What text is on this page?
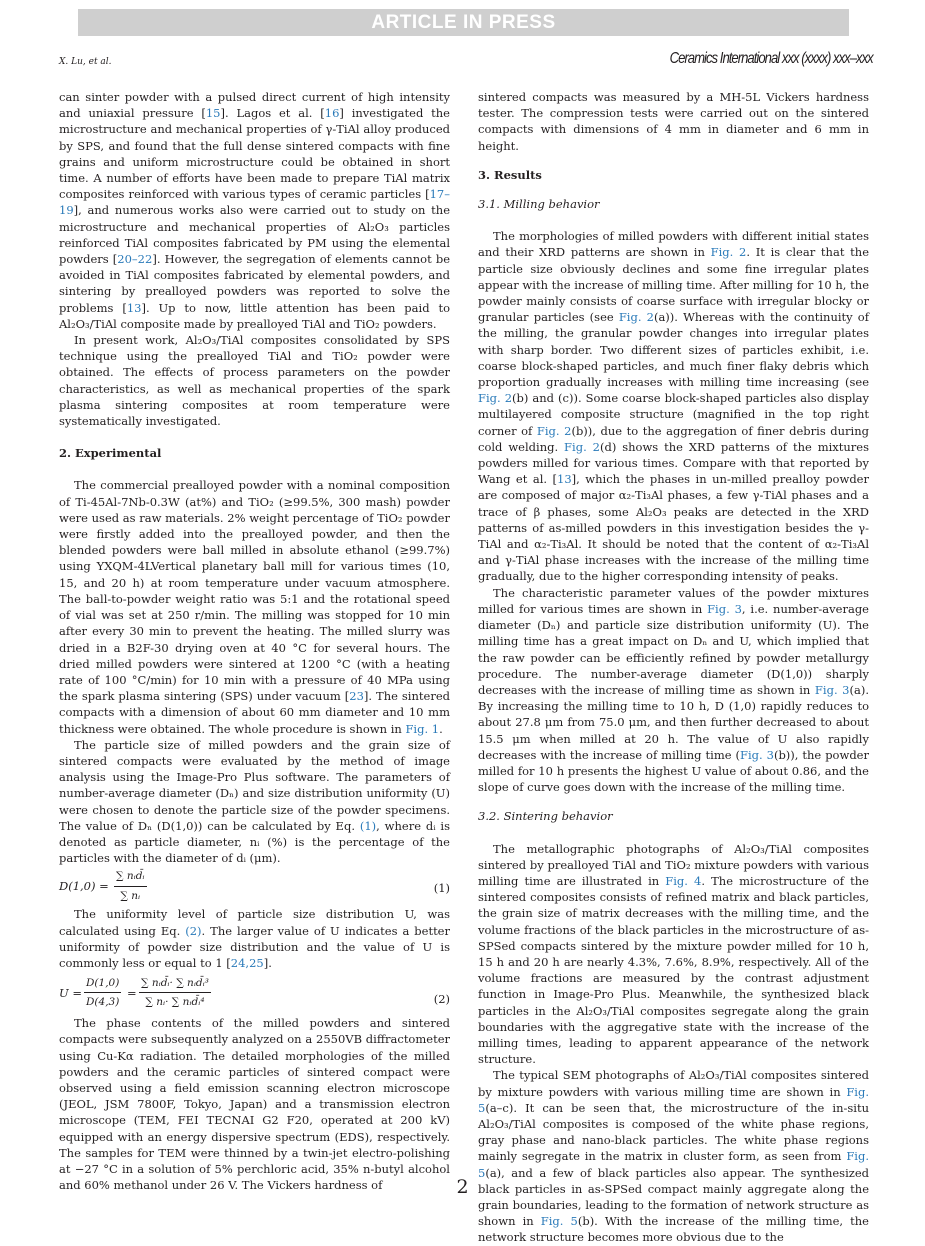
ARTICLE IN PRESS
X. Lu, et al.	Ceramics International xxx (xxxx) xxx–xxx

can sinter powder with a pulsed direct current of high intensity and uniaxial pressure [15]. Lagos et al. [16] investigated the microstructure and mechanical properties of γ-TiAl alloy produced by SPS, and found that the full dense sintered compacts with fine grains and uniform microstructure could be obtained in short time. A number of efforts have been made to prepare TiAl matrix composites reinforced with various types of ceramic particles [17–19], and numerous works also were carried out to study on the microstructure and mechanical properties of Al₂O₃ particles reinforced TiAl composites fabricated by PM using the elemental powders [20–22]. However, the segregation of elements cannot be avoided in TiAl composites fabricated by elemental powders, and sintering by prealloyed powders was reported to solve the problems [13]. Up to now, little attention has been paid to Al₂O₃/TiAl composite made by prealloyed TiAl and TiO₂ powders.

In present work, Al₂O₃/TiAl composites consolidated by SPS technique using the prealloyed TiAl and TiO₂ powder were obtained. The effects of process parameters on the powder characteristics, as well as mechanical properties of the spark plasma sintering composites at room temperature were systematically investigated.

2. Experimental

The commercial prealloyed powder with a nominal composition of Ti-45Al-7Nb-0.3W (at%) and TiO₂ (≥99.5%, 300 mash) powder were used as raw materials. 2% weight percentage of TiO₂ powder were firstly added into the prealloyed powder, and then the blended powders were ball milled in absolute ethanol (≥99.7%) using YXQM-4LVertical planetary ball mill for various times (10, 15, and 20 h) at room temperature under vacuum atmosphere. The ball-to-powder weight ratio was 5:1 and the rotational speed of vial was set at 250 r/min. The milling was stopped for 10 min after every 30 min to prevent the heating. The milled slurry was dried in a B2F-30 drying oven at 40 °C for several hours. The dried milled powders were sintered at 1200 °C (with a heating rate of 100 °C/min) for 10 min with a pressure of 40 MPa using the spark plasma sintering (SPS) under vacuum [23]. The sintered compacts with a dimension of about 60 mm diameter and 10 mm thickness were obtained. The whole procedure is shown in Fig. 1.

The particle size of milled powders and the grain size of sintered compacts were evaluated by the method of image analysis using the Image-Pro Plus software. The parameters of number-average diameter (Dₙ) and size distribution uniformity (U) were chosen to denote the particle size of the powder specimens. The value of Dₙ (D(1,0)) can be calculated by Eq. (1), where dᵢ is denoted as particle diameter, nᵢ (%) is the percentage of the particles with the diameter of dᵢ (μm).

D(1,0) =
∑ nᵢd̄ᵢ
∑ nᵢ
(1)

The uniformity level of particle size distribution U, was calculated using Eq. (2). The larger value of U indicates a better uniformity of powder size distribution and the value of U is commonly less or equal to 1 [24,25].

$U = \frac{D(1,0)}{D(4,3)}$ =
∑ nᵢd̄ᵢ· ∑ nᵢd̄ᵢ³
∑ nᵢ· ∑ nᵢd̄ᵢ⁴	(2)

The phase contents of the milled powders and sintered compacts were subsequently analyzed on a 2550VB diffractometer using Cu-Kα radiation. The detailed morphologies of the milled powders and the ceramic particles of sintered compact were observed using a field emission scanning electron microscope (JEOL, JSM 7800F, Tokyo, Japan) and a transmission electron microscope (TEM, FEI TECNAI G2 F20, operated at 200 kV) equipped with an energy dispersive spectrum (EDS), respectively. The samples for TEM were thinned by a twin-jet electro-polishing at −27 °C in a solution of 5% perchloric acid, 35% n-butyl alcohol and 60% methanol under 26 V. The Vickers hardness of

sintered compacts was measured by a MH-5L Vickers hardness tester. The compression tests were carried out on the sintered compacts with dimensions of 4 mm in diameter and 6 mm in height.

3. Results
3.1. Milling behavior

The morphologies of milled powders with different initial states and their XRD patterns are shown in Fig. 2. It is clear that the particle size obviously declines and some fine irregular plates appear with the increase of milling time. After milling for 10 h, the powder mainly consists of coarse surface with irregular blocky or granular particles (see Fig. 2(a)). Whereas with the continuity of the milling, the granular powder changes into irregular plates with sharp border. Two different sizes of particles exhibit, i.e. coarse block-shaped particles, and much finer flaky debris which proportion gradually increases with milling time increasing (see Fig. 2(b) and (c)). Some coarse block-shaped particles also display multilayered composite structure (magnified in the top right corner of Fig. 2(b)), due to the aggregation of finer debris during cold welding. Fig. 2(d) shows the XRD patterns of the mixtures powders milled for various times. Compare with that reported by Wang et al. [13], which the phases in un-milled prealloy powder are composed of major α₂-Ti₃Al phases, a few γ-TiAl phases and a trace of β phases, some Al₂O₃ peaks are detected in the XRD patterns of as-milled powders in this investigation besides the γ-TiAl and α₂-Ti₃Al. It should be noted that the content of α₂-Ti₃Al and γ-TiAl phase increases with the increase of the milling time gradually, due to the higher corresponding intensity of peaks.

The characteristic parameter values of the powder mixtures milled for various times are shown in Fig. 3, i.e. number-average diameter (Dₙ) and particle size distribution uniformity (U). The milling time has a great impact on Dₙ and U, which implied that the raw powder can be efficiently refined by powder metallurgy procedure. The number-average diameter (D(1,0)) sharply decreases with the increase of milling time as shown in Fig. 3(a). By increasing the milling time to 10 h, D (1,0) rapidly reduces to about 27.8 μm from 75.0 μm, and then further decreased to about 15.5 μm when milled at 20 h. The value of U also rapidly decreases with the increase of milling time (Fig. 3(b)), the powder milled for 10 h presents the highest U value of about 0.86, and the slope of curve goes down with the increase of the milling time.

3.2. Sintering behavior

The metallographic photographs of Al₂O₃/TiAl composites sintered by prealloyed TiAl and TiO₂ mixture powders with various milling time are illustrated in Fig. 4. The microstructure of the sintered composites consists of refined matrix and black particles, the grain size of matrix decreases with the milling time, and the volume fractions of the black particles in the microstructure of as-SPSed compacts sintered by the mixture powder milled for 10 h, 15 h and 20 h are nearly 4.3%, 7.6%, 8.9%, respectively. All of the volume fractions are measured by the contrast adjustment function in Image-Pro Plus. Meanwhile, the synthesized black particles in the Al₂O₃/TiAl composites segregate along the grain boundaries with the aggregative state with the increase of the milling times, leading to apparent appearance of the network structure.

The typical SEM photographs of Al₂O₃/TiAl composites sintered by mixture powders with various milling time are shown in Fig. 5(a–c). It can be seen that, the microstructure of the in-situ Al₂O₃/TiAl composites is composed of the white phase regions, gray phase and nano-black particles. The white phase regions mainly segregate in the matrix in cluster form, as seen from Fig. 5(a), and a few of black particles also appear. The synthesized black particles in as-SPSed compact mainly aggregate along the grain boundaries, leading to the formation of network structure as shown in Fig. 5(b). With the increase of the milling time, the network structure becomes more obvious due to the

2
